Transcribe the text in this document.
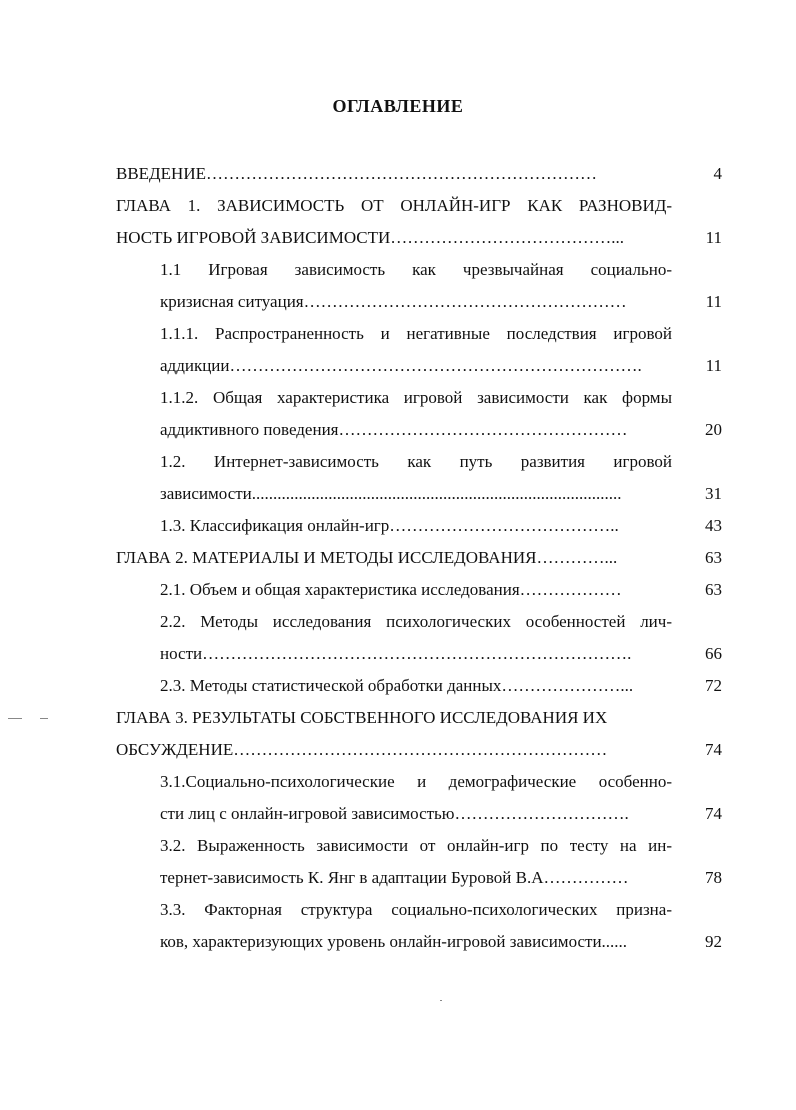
ОГЛАВЛЕНИЕ
ВВЕДЕНИЕ……………………………………………………………	4
ГЛАВА 1. ЗАВИСИМОСТЬ ОТ ОНЛАЙН-ИГР КАК РАЗНОВИД-
НОСТЬ ИГРОВОЙ ЗАВИСИМОСТИ…………………………………...	11
1.1 Игровая зависимость как чрезвычайная социально-
кризисная ситуация…………………………………………………	11
1.1.1. Распространенность и негативные последствия игровой
аддикции……………………………………………………………….	11
1.1.2. Общая характеристика игровой зависимости как формы
аддиктивного поведения……………………………………………	20
1.2. Интернет-зависимость как путь развития игровой
зависимости.......................................................................................	31
1.3. Классификация онлайн-игр…………………………………..	43
ГЛАВА 2. МАТЕРИАЛЫ И МЕТОДЫ ИССЛЕДОВАНИЯ…………...	63
2.1. Объем и общая характеристика исследования………………	63
2.2. Методы исследования психологических особенностей лич-
ности………………………………………………………………….	66
2.3. Методы статистической обработки данных…………………...	72
ГЛАВА 3. РЕЗУЛЬТАТЫ СОБСТВЕННОГО ИССЛЕДОВАНИЯ ИХ
ОБСУЖДЕНИЕ…………………………………………………………	74
3.1.Социально-психологические и демографические особенно-
сти лиц с онлайн-игровой зависимостью………………………….	74
3.2. Выраженность зависимости от онлайн-игр по тесту на ин-
тернет-зависимость К. Янг в адаптации Буровой В.А……………	78
3.3. Факторная структура социально-психологических призна-
ков, характеризующих уровень онлайн-игровой зависимости......	92
